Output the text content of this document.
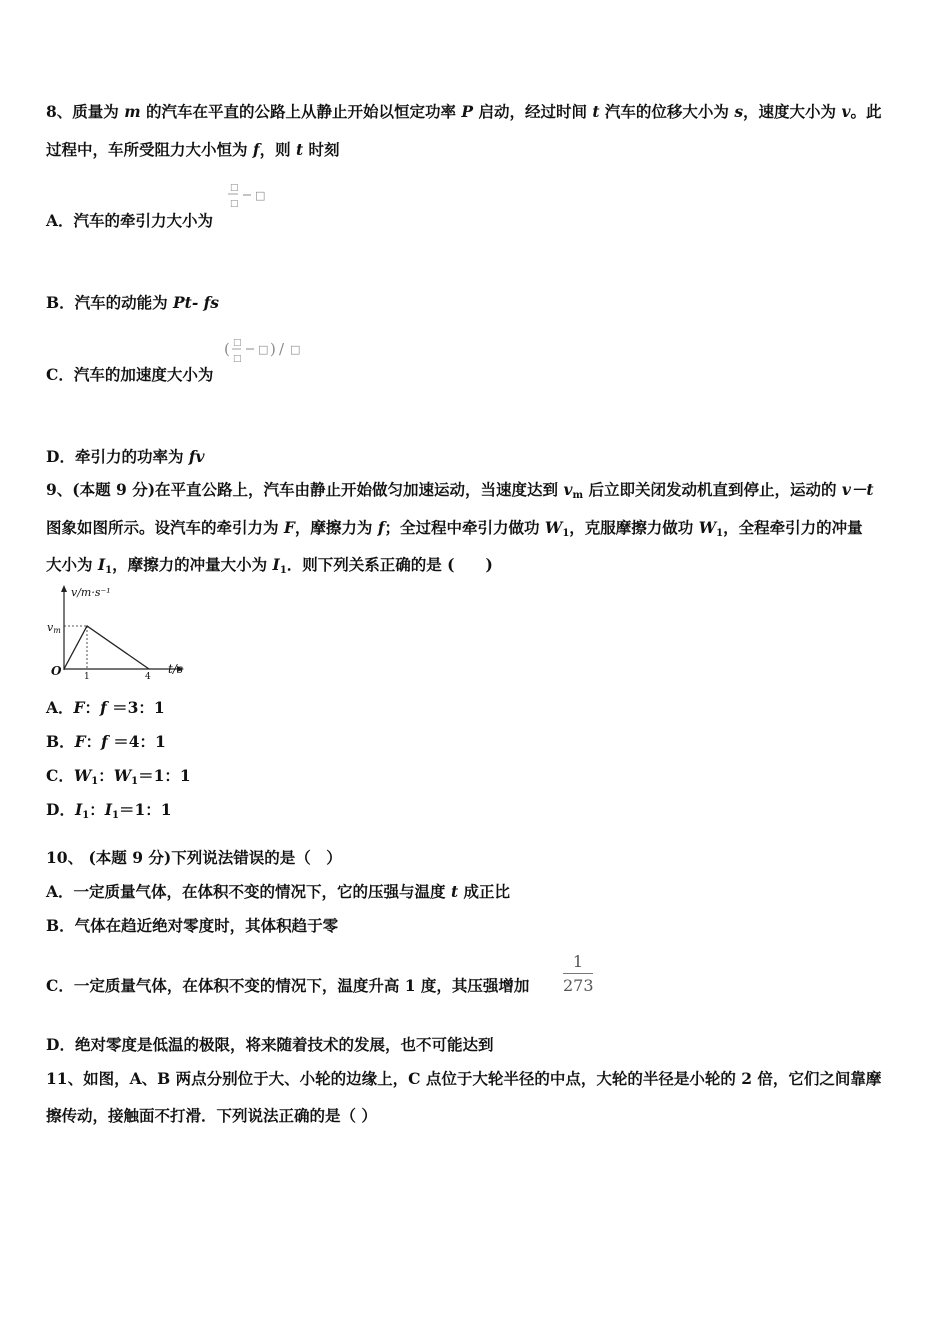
8、质量为 m 的汽车在平直的公路上从静止开始以恒定功率 P 启动，经过时间 t 汽车的位移大小为 s，速度大小为 v。此
过程中，车所受阻力大小恒为 f，则 t 时刻
□
□
□
A．汽车的牵引力大小为
B．汽车的动能为 Pt- fs
( □
□
□ ) / □
C．汽车的加速度大小为
D．牵引力的功率为 fv
9、(本题 9 分)在平直公路上，汽车由静止开始做匀加速运动，当速度达到 $v_m$ 后立即关闭发动机直到停止，运动的 v－t
图象如图所示。设汽车的牵引力为 F，摩擦力为 f；全过程中牵引力做功 $W_1$，克服摩擦力做功 $W_1$，全程牵引力的冲量
大小为 $I_1$，摩擦力的冲量大小为 $I_1$．则下列关系正确的是 (　　)
v/m·s⁻¹
vm
O	1	4
t/s
A．F：f ＝3：1
B．F：f ＝4：1
C．$W_1$：$W_1=1$：1
D．$I_1$：$I_1=1$：1
10、 (本题 9 分)下列说法错误的是（　）
A．一定质量气体，在体积不变的情况下，它的压强与温度 t 成正比
B．气体在趋近绝对零度时，其体积趋于零
1
273
C．一定质量气体，在体积不变的情况下，温度升高 1 度，其压强增加
D．绝对零度是低温的极限，将来随着技术的发展，也不可能达到
11、如图，A、B 两点分别位于大、小轮的边缘上，C 点位于大轮半径的中点，大轮的半径是小轮的 2 倍，它们之间靠摩
擦传动，接触面不打滑．下列说法正确的是（ ）
